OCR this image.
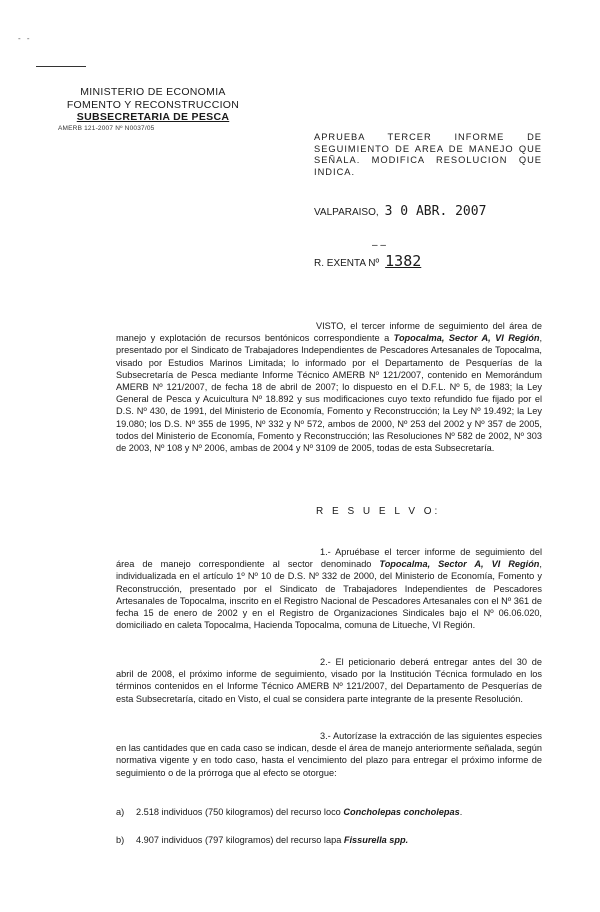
- -
MINISTERIO DE ECONOMIA
FOMENTO Y RECONSTRUCCION
SUBSECRETARIA DE PESCA
AMERB 121-2007 Nº N0037/05
APRUEBA TERCER INFORME DE SEGUIMIENTO DE AREA DE MANEJO QUE SEÑALA. MODIFICA RESOLUCION QUE INDICA.
VALPARAISO, 3 0 ABR. 2007
– –
R. EXENTA Nº 1382
VISTO, el tercer informe de seguimiento del área de manejo y explotación de recursos bentónicos correspondiente a Topocalma, Sector A, VI Región, presentado por el Sindicato de Trabajadores Independientes de Pescadores Artesanales de Topocalma, visado por Estudios Marinos Limitada; lo informado por el Departamento de Pesquerías de la Subsecretaría de Pesca mediante Informe Técnico AMERB Nº 121/2007, contenido en Memorándum AMERB Nº 121/2007, de fecha 18 de abril de 2007; lo dispuesto en el D.F.L. Nº 5, de 1983; la Ley General de Pesca y Acuicultura Nº 18.892 y sus modificaciones cuyo texto refundido fue fijado por el D.S. Nº 430, de 1991, del Ministerio de Economía, Fomento y Reconstrucción; la Ley Nº 19.492; la Ley 19.080; los D.S. Nº 355 de 1995, Nº 332 y Nº 572, ambos de 2000, Nº 253 del 2002 y Nº 357 de 2005, todos del Ministerio de Economía, Fomento y Reconstrucción; las Resoluciones Nº 582 de 2002, Nº 303 de 2003, Nº 108 y Nº 2006, ambas de 2004 y Nº 3109 de 2005, todas de esta Subsecretaría.
R E S U E L V O:
1.- Apruébase el tercer informe de seguimiento del área de manejo correspondiente al sector denominado Topocalma, Sector A, VI Región, individualizada en el artículo 1º Nº 10 de D.S. Nº 332 de 2000, del Ministerio de Economía, Fomento y Reconstrucción, presentado por el Sindicato de Trabajadores Independientes de Pescadores Artesanales de Topocalma, inscrito en el Registro Nacional de Pescadores Artesanales con el Nº 361 de fecha 15 de enero de 2002 y en el Registro de Organizaciones Sindicales bajo el Nº 06.06.020, domiciliado en caleta Topocalma, Hacienda Topocalma, comuna de Litueche, VI Región.
2.- El peticionario deberá entregar antes del 30 de abril de 2008, el próximo informe de seguimiento, visado por la Institución Técnica formulado en los términos contenidos en el Informe Técnico AMERB Nº 121/2007, del Departamento de Pesquerías de esta Subsecretaría, citado en Visto, el cual se considera parte integrante de la presente Resolución.
3.- Autorízase la extracción de las siguientes especies en las cantidades que en cada caso se indican, desde el área de manejo anteriormente señalada, según normativa vigente y en todo caso, hasta el vencimiento del plazo para entregar el próximo informe de seguimiento o de la prórroga que al efecto se otorgue:
a) 2.518 individuos (750 kilogramos) del recurso loco Concholepas concholepas.
b) 4.907 individuos (797 kilogramos) del recurso lapa Fissurella spp.
